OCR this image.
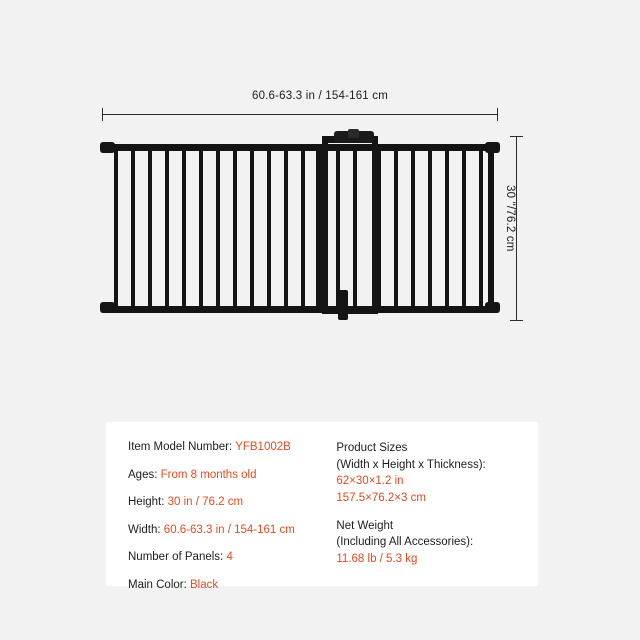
60.6-63.3 in / 154-161 cm
30 "/76.2 cm
Item Model Number: YFB1002B
Ages: From 8 months old
Height: 30 in / 76.2 cm
Width: 60.6-63.3 in / 154-161 cm
Number of Panels: 4
Main Color: Black
Product Sizes
(Width x Height x Thickness):
62×30×1.2 in
157.5×76.2×3 cm
Net Weight
(Including All Accessories):
11.68 lb / 5.3 kg
